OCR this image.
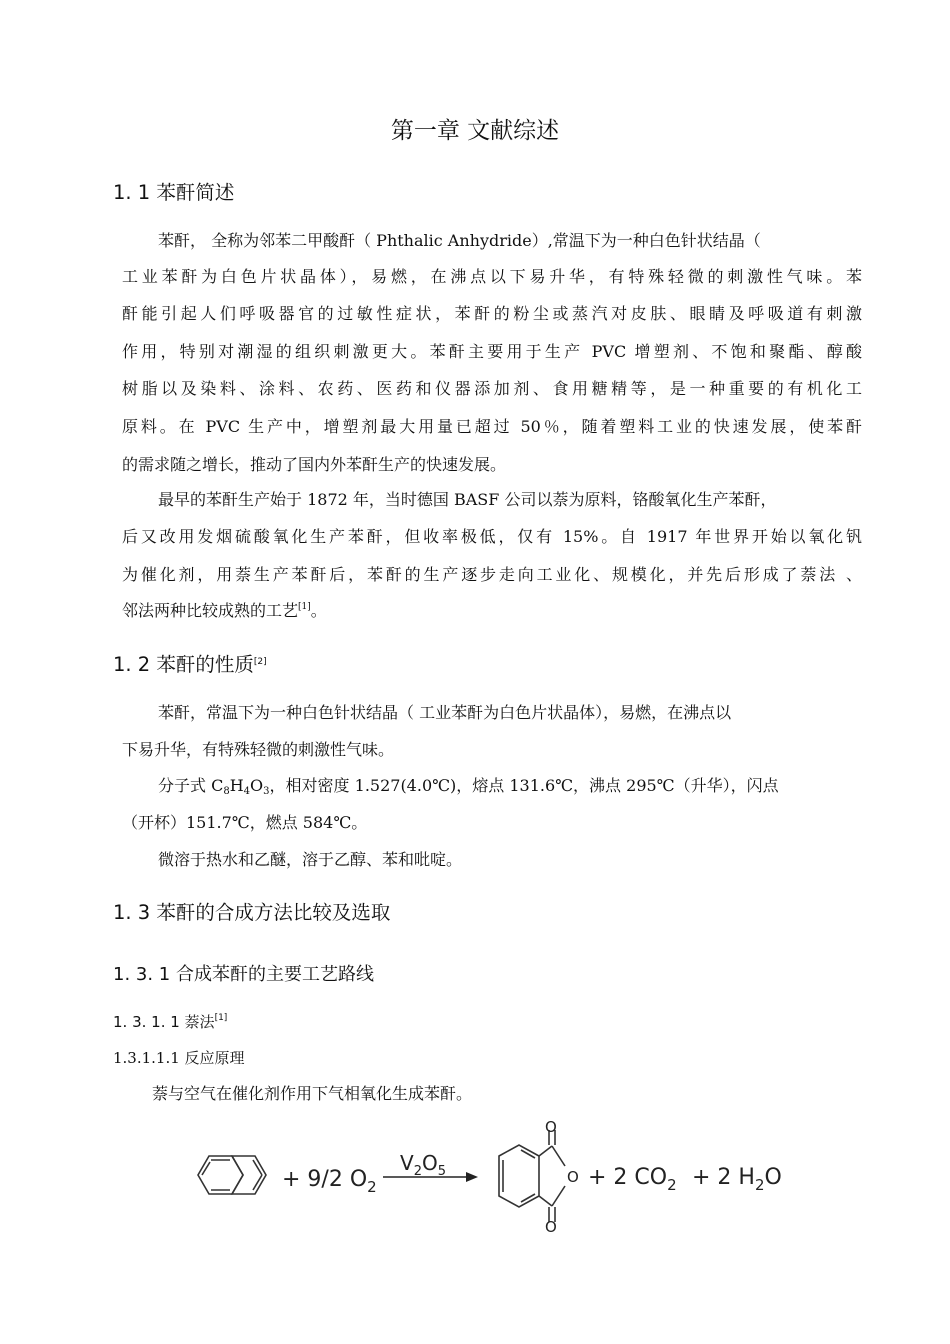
第一章 文献综述
1. 1 苯酐简述
苯酐， 全称为邻苯二甲酸酐（ Phthalic Anhydride）,常温下为一种白色针状结晶（
工业苯酐为白色片状晶体），易燃，在沸点以下易升华，有特殊轻微的刺激性气味。苯
酐能引起人们呼吸器官的过敏性症状，苯酐的粉尘或蒸汽对皮肤、眼睛及呼吸道有刺激
作用，特别对潮湿的组织刺激更大。苯酐主要用于生产 PVC 增塑剂、不饱和聚酯、醇酸
树脂以及染料、涂料、农药、医药和仪器添加剂、食用糖精等，是一种重要的有机化工
原料。在 PVC 生产中，增塑剂最大用量已超过 50％，随着塑料工业的快速发展，使苯酐
的需求随之增长，推动了国内外苯酐生产的快速发展。
最早的苯酐生产始于 1872 年，当时德国 BASF 公司以萘为原料，铬酸氧化生产苯酐，
后又改用发烟硫酸氧化生产苯酐，但收率极低，仅有 15%。自 1917 年世界开始以氧化钒
为催化剂，用萘生产苯酐后，苯酐的生产逐步走向工业化、规模化，并先后形成了萘法 、
邻法两种比较成熟的工艺[1]。
1. 2 苯酐的性质[2]
苯酐，常温下为一种白色针状结晶（ 工业苯酐为白色片状晶体），易燃，在沸点以
下易升华，有特殊轻微的刺激性气味。
分子式 $C_8H_4O_3$，相对密度 1.527(4.0℃)，熔点 131.6℃，沸点 295℃（升华），闪点
（开杯）151.7℃，燃点 584℃。
微溶于热水和乙醚，溶于乙醇、苯和吡啶。
1. 3 苯酐的合成方法比较及选取
1. 3. 1 合成苯酐的主要工艺路线
1. 3. 1. 1 萘法[1]
1.3.1.1.1 反应原理
萘与空气在催化剂作用下气相氧化生成苯酐。
+ 9/2 $O_2$
$V_2O_5$
O
O
O
+ 2 $CO_2 + 2$ $H_2O$
